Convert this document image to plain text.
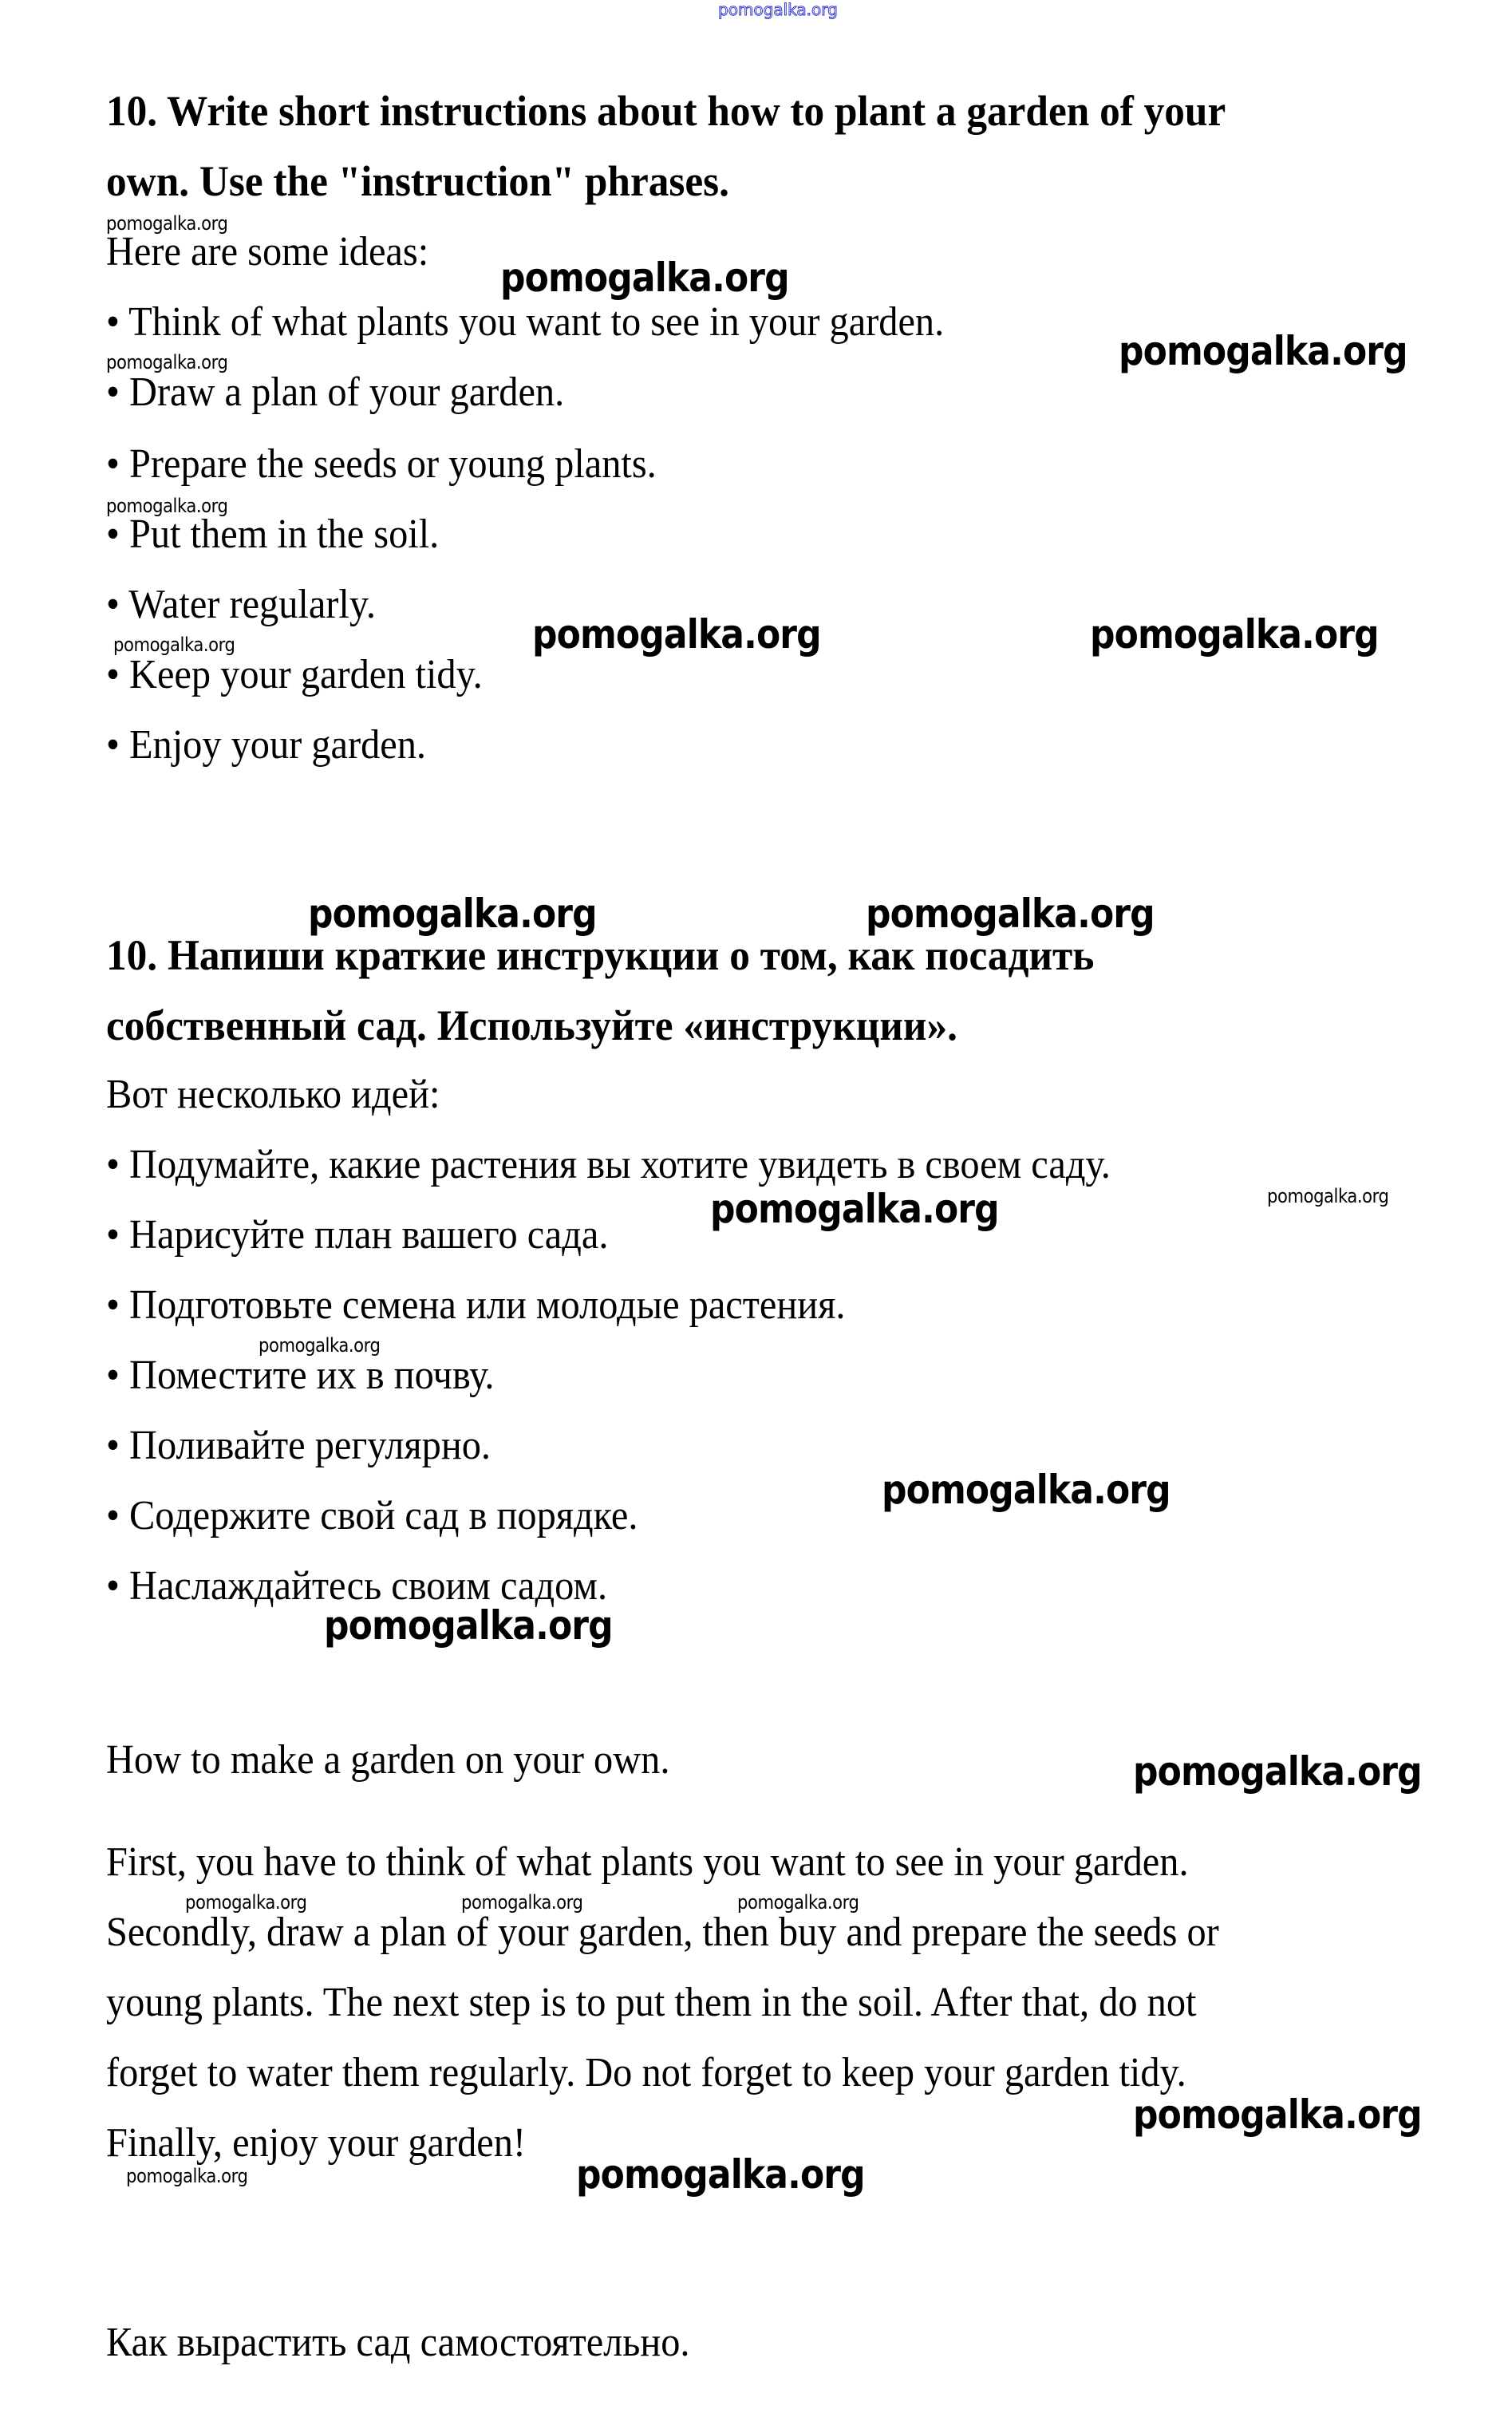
pomogalka.org
10. Write short instructions about how to plant a garden of your
own. Use the "instruction" phrases.
pomogalka.org
Here are some ideas:
pomogalka.org
• Think of what plants you want to see in your garden.
pomogalka.org
pomogalka.org
• Draw a plan of your garden.
• Prepare the seeds or young plants.
pomogalka.org
• Put them in the soil.
• Water regularly.
pomogalka.org	pomogalka.org
pomogalka.org
• Keep your garden tidy.
• Enjoy your garden.
pomogalka.org	pomogalka.org
10. Напиши краткие инструкции о том, как посадить
собственный сад. Используйте «инструкции».
Вот несколько идей:
• Подумайте, какие растения вы хотите увидеть в своем саду.
pomogalka.org
pomogalka.org
• Нарисуйте план вашего сада.
• Подготовьте семена или молодые растения.
pomogalka.org
• Поместите их в почву.
• Поливайте регулярно.
pomogalka.org
• Содержите свой сад в порядке.
• Наслаждайтесь своим садом.
pomogalka.org
How to make a garden on your own.	pomogalka.org
First, you have to think of what plants you want to see in your garden.
pomogalka.org	pomogalka.org	pomogalka.org
Secondly, draw a plan of your garden, then buy and prepare the seeds or
young plants. The next step is to put them in the soil. After that, do not
forget to water them regularly. Do not forget to keep your garden tidy.
pomogalka.org
Finally, enjoy your garden!
pomogalka.org	pomogalka.org
Как вырастить сад самостоятельно.
